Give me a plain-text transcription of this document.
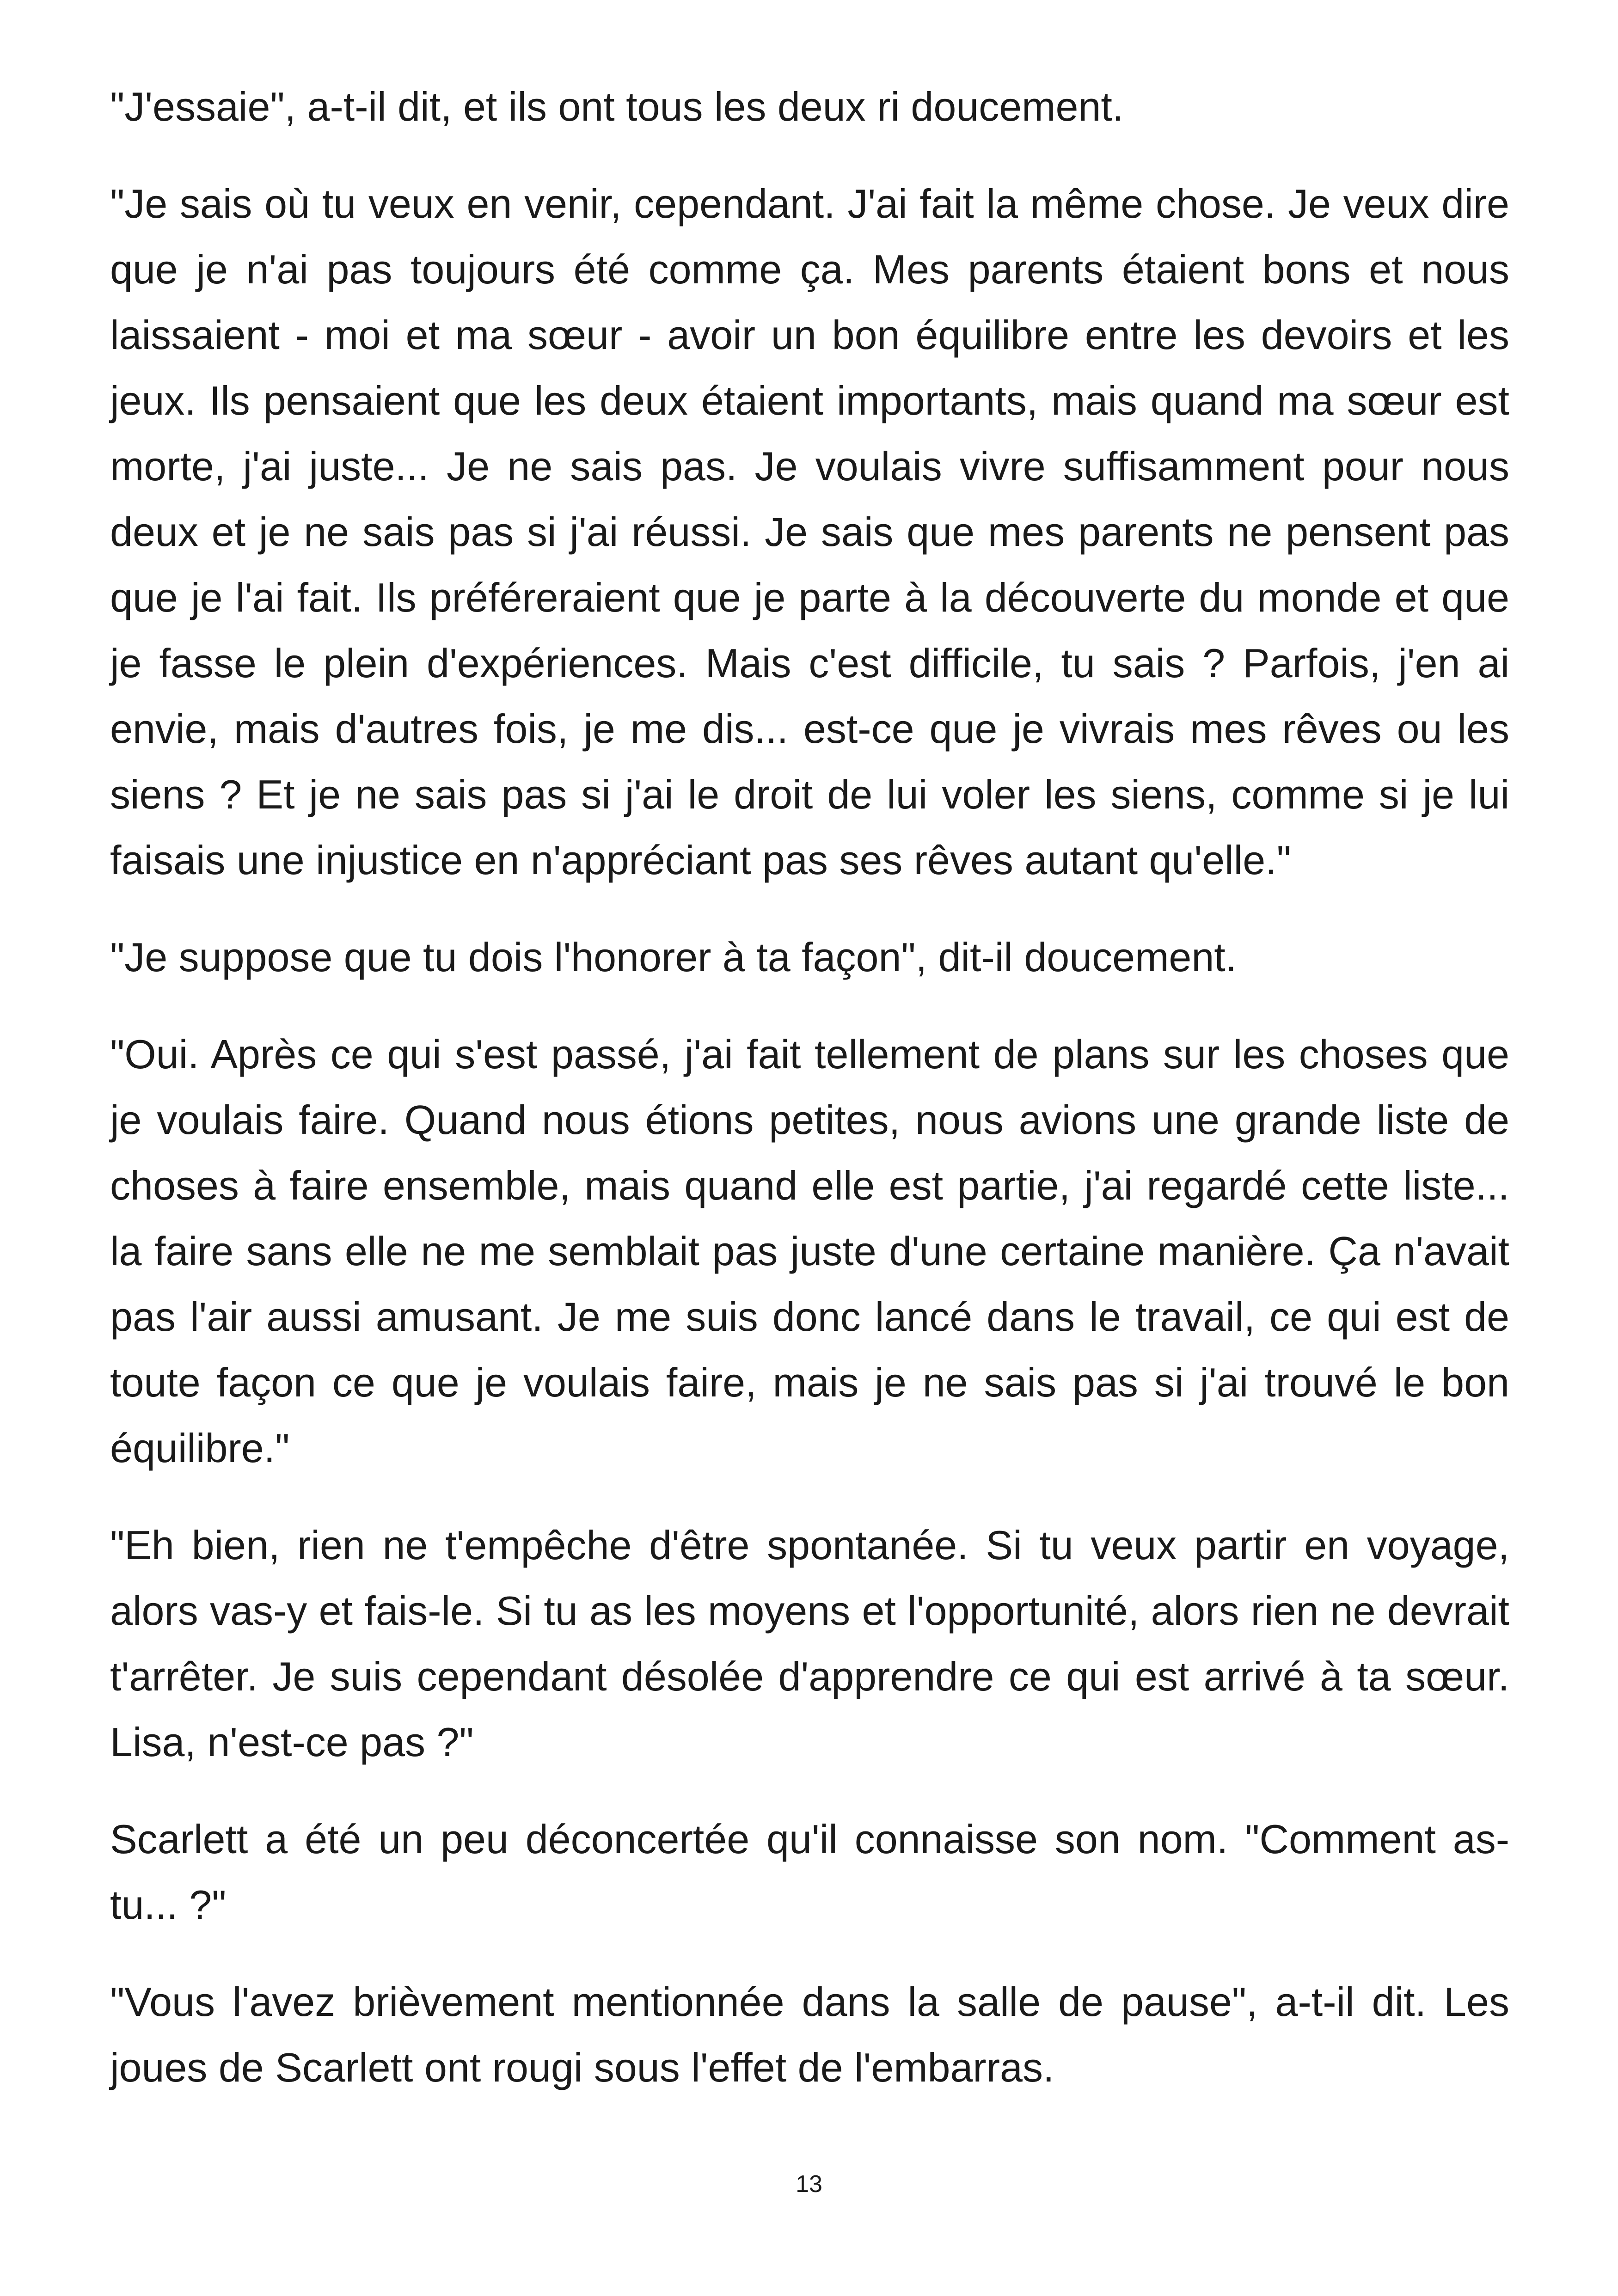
"J'essaie", a-t-il dit, et ils ont tous les deux ri doucement.

"Je sais où tu veux en venir, cependant. J'ai fait la même chose. Je veux dire que je n'ai pas toujours été comme ça. Mes parents étaient bons et nous laissaient - moi et ma sœur - avoir un bon équilibre entre les devoirs et les jeux. Ils pensaient que les deux étaient importants, mais quand ma sœur est morte, j'ai juste... Je ne sais pas. Je voulais vivre suffisamment pour nous deux et je ne sais pas si j'ai réussi. Je sais que mes parents ne pensent pas que je l'ai fait. Ils préféreraient que je parte à la découverte du monde et que je fasse le plein d'expériences. Mais c'est difficile, tu sais ? Parfois, j'en ai envie, mais d'autres fois, je me dis... est-ce que je vivrais mes rêves ou les siens ? Et je ne sais pas si j'ai le droit de lui voler les siens, comme si je lui faisais une injustice en n'appréciant pas ses rêves autant qu'elle."

"Je suppose que tu dois l'honorer à ta façon", dit-il doucement.

"Oui. Après ce qui s'est passé, j'ai fait tellement de plans sur les choses que je voulais faire. Quand nous étions petites, nous avions une grande liste de choses à faire ensemble, mais quand elle est partie, j'ai regardé cette liste... la faire sans elle ne me semblait pas juste d'une certaine manière. Ça n'avait pas l'air aussi amusant. Je me suis donc lancé dans le travail, ce qui est de toute façon ce que je voulais faire, mais je ne sais pas si j'ai trouvé le bon équilibre."

"Eh bien, rien ne t'empêche d'être spontanée. Si tu veux partir en voyage, alors vas-y et fais-le. Si tu as les moyens et l'opportunité, alors rien ne devrait t'arrêter. Je suis cependant désolée d'apprendre ce qui est arrivé à ta sœur. Lisa, n'est-ce pas ?"

Scarlett a été un peu déconcertée qu'il connaisse son nom. "Comment as-tu... ?"

"Vous l'avez brièvement mentionnée dans la salle de pause", a-t-il dit. Les joues de Scarlett ont rougi sous l'effet de l'embarras.

13
